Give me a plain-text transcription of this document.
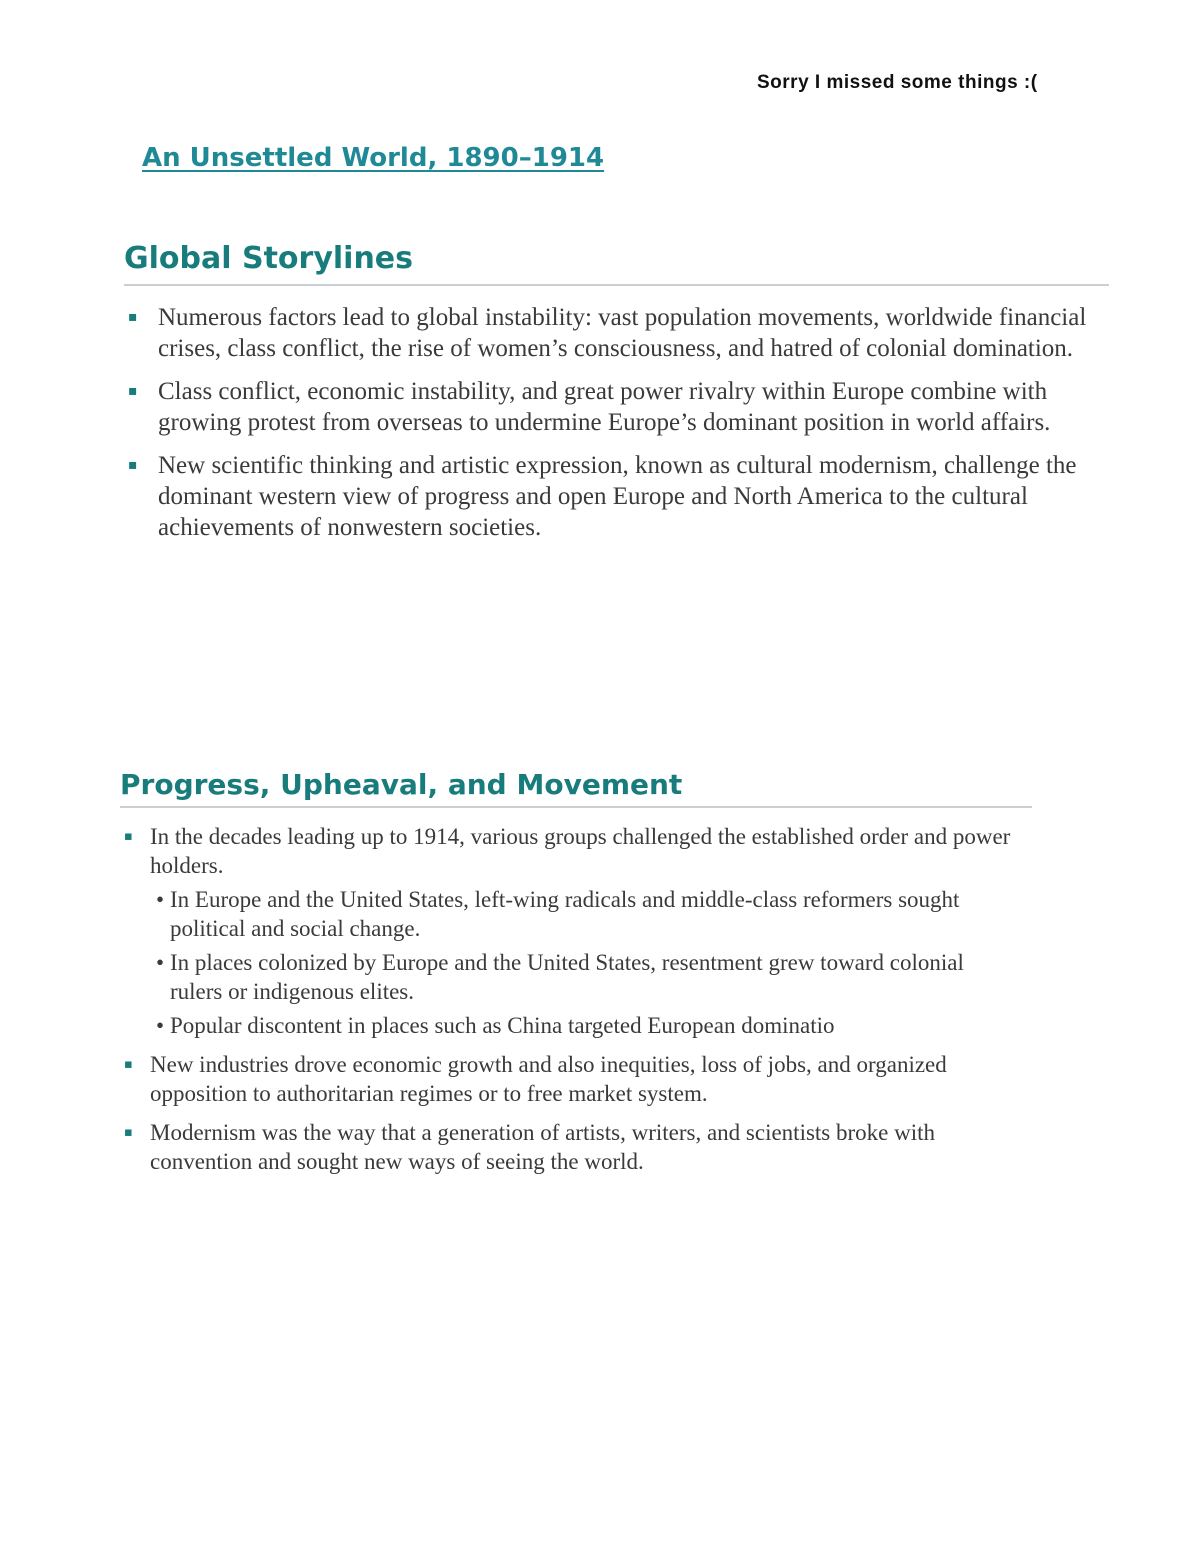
Sorry I missed some things :(
An Unsettled World, 1890–1914
Global Storylines
▪ Numerous factors lead to global instability: vast population movements, worldwide financial crises, class conflict, the rise of women’s consciousness, and hatred of colonial domination.
▪ Class conflict, economic instability, and great power rivalry within Europe combine with growing protest from overseas to undermine Europe’s dominant position in world affairs.
▪ New scientific thinking and artistic expression, known as cultural modernism, challenge the dominant western view of progress and open Europe and North America to the cultural achievements of nonwestern societies.
Progress, Upheaval, and Movement
▪ In the decades leading up to 1914, various groups challenged the established order and power holders.
• In Europe and the United States, left-wing radicals and middle-class reformers sought political and social change.
• In places colonized by Europe and the United States, resentment grew toward colonial rulers or indigenous elites.
• Popular discontent in places such as China targeted European dominatio
▪ New industries drove economic growth and also inequities, loss of jobs, and organized opposition to authoritarian regimes or to free market system.
▪ Modernism was the way that a generation of artists, writers, and scientists broke with convention and sought new ways of seeing the world.
